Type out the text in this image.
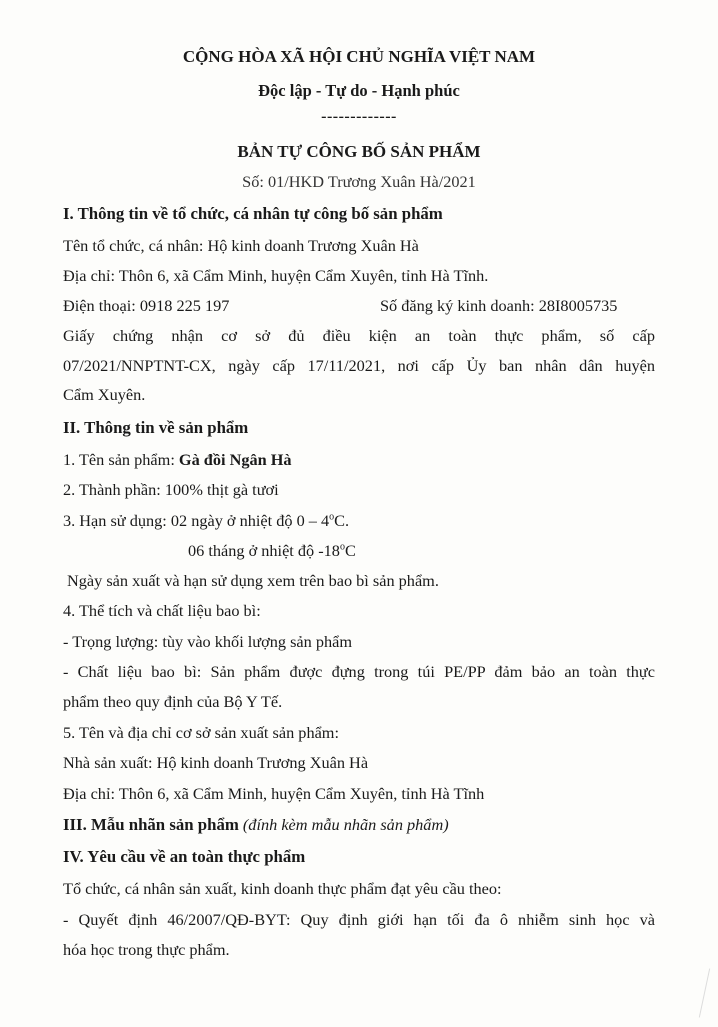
CỘNG HÒA XÃ HỘI CHỦ NGHĨA VIỆT NAM
Độc lập - Tự do - Hạnh phúc
-------------
BẢN TỰ CÔNG BỐ SẢN PHẨM
Số: 01/HKD Trương Xuân Hà/2021
I. Thông tin về tổ chức, cá nhân tự công bố sản phẩm
Tên tổ chức, cá nhân: Hộ kinh doanh Trương Xuân Hà
Địa chỉ: Thôn 6, xã Cẩm Minh, huyện Cẩm Xuyên, tỉnh Hà Tĩnh.
Điện thoại: 0918 225 197	Số đăng ký kinh doanh: 28I8005735
Giấy chứng nhận cơ sở đủ điều kiện an toàn thực phẩm, số cấp
07/2021/NNPTNT-CX, ngày cấp 17/11/2021, nơi cấp Ủy ban nhân dân huyện
Cẩm Xuyên.
II. Thông tin về sản phẩm
1. Tên sản phẩm: Gà đồi Ngân Hà
2. Thành phần: 100% thịt gà tươi
3. Hạn sử dụng: 02 ngày ở nhiệt độ 0 – 4$^o$C.
06 tháng ở nhiệt độ -18$^o$C
Ngày sản xuất và hạn sử dụng xem trên bao bì sản phẩm.
4. Thể tích và chất liệu bao bì:
- Trọng lượng: tùy vào khối lượng sản phẩm
- Chất liệu bao bì: Sản phẩm được đựng trong túi PE/PP đảm bảo an toàn thực
phẩm theo quy định của Bộ Y Tế.
5. Tên và địa chỉ cơ sở sản xuất sản phẩm:
Nhà sản xuất: Hộ kinh doanh Trương Xuân Hà
Địa chỉ: Thôn 6, xã Cẩm Minh, huyện Cẩm Xuyên, tỉnh Hà Tĩnh
III. Mẫu nhãn sản phẩm (đính kèm mẫu nhãn sản phẩm)
IV. Yêu cầu về an toàn thực phẩm
Tổ chức, cá nhân sản xuất, kinh doanh thực phẩm đạt yêu cầu theo:
- Quyết định 46/2007/QĐ-BYT: Quy định giới hạn tối đa ô nhiễm sinh học và
hóa học trong thực phẩm.
